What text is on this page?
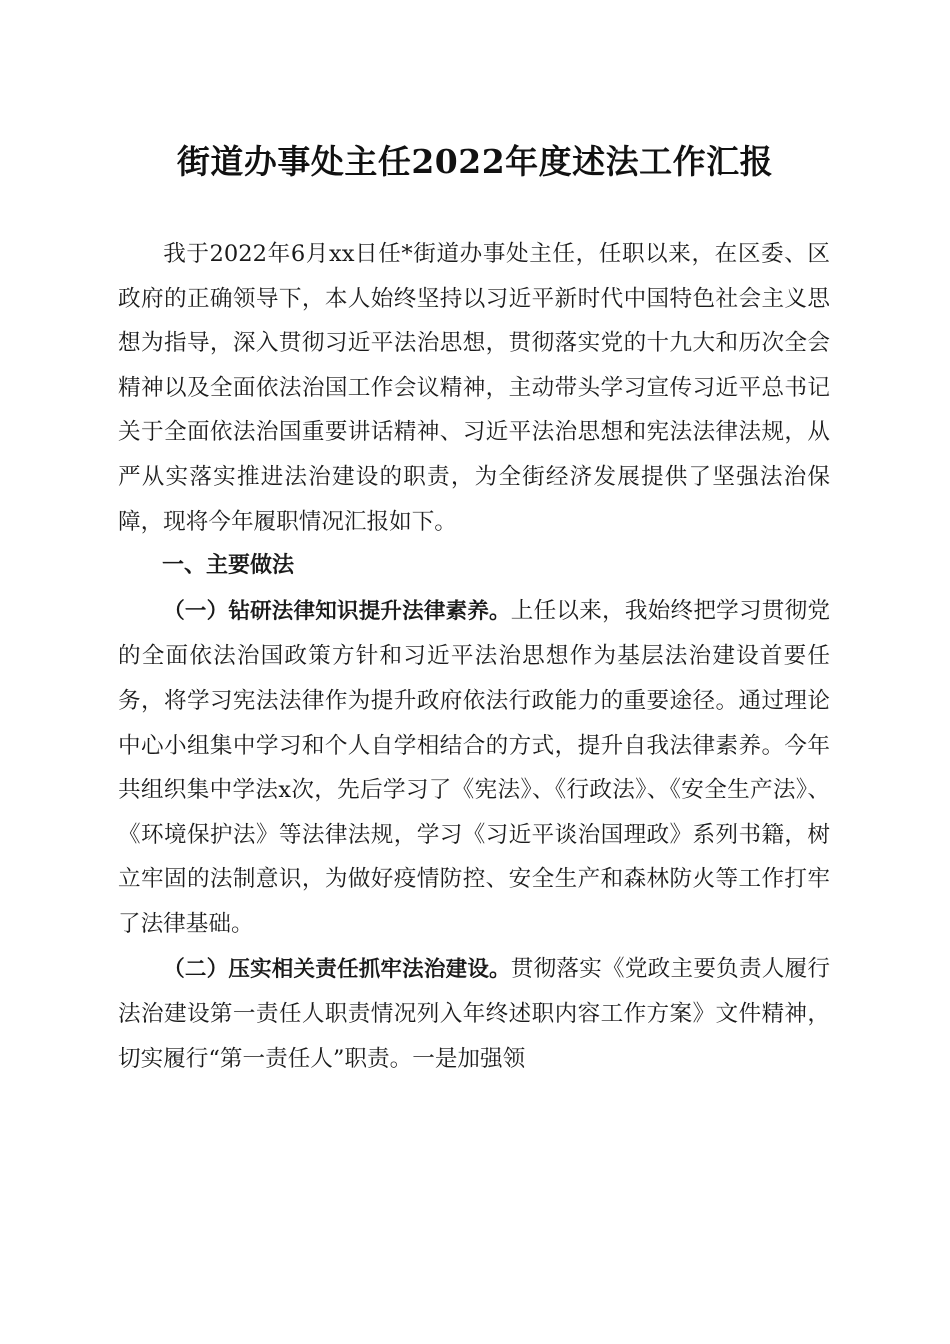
街道办事处主任2022年度述法工作汇报

我于2022年6月xx日任*街道办事处主任，任职以来，在区委、区政府的正确领导下，本人始终坚持以习近平新时代中国特色社会主义思想为指导，深入贯彻习近平法治思想，贯彻落实党的十九大和历次全会精神以及全面依法治国工作会议精神，主动带头学习宣传习近平总书记关于全面依法治国重要讲话精神、习近平法治思想和宪法法律法规，从严从实落实推进法治建设的职责，为全街经济发展提供了坚强法治保障，现将今年履职情况汇报如下。

一、主要做法

（一）钻研法律知识提升法律素养。上任以来，我始终把学习贯彻党的全面依法治国政策方针和习近平法治思想作为基层法治建设首要任务，将学习宪法法律作为提升政府依法行政能力的重要途径。通过理论中心小组集中学习和个人自学相结合的方式，提升自我法律素养。今年共组织集中学法x次，先后学习了《宪法》、《行政法》、《安全生产法》、《环境保护法》等法律法规，学习《习近平谈治国理政》系列书籍，树立牢固的法制意识，为做好疫情防控、安全生产和森林防火等工作打牢了法律基础。

（二）压实相关责任抓牢法治建设。贯彻落实《党政主要负责人履行法治建设第一责任人职责情况列入年终述职内容工作方案》文件精神，切实履行“第一责任人”职责。一是加强领
